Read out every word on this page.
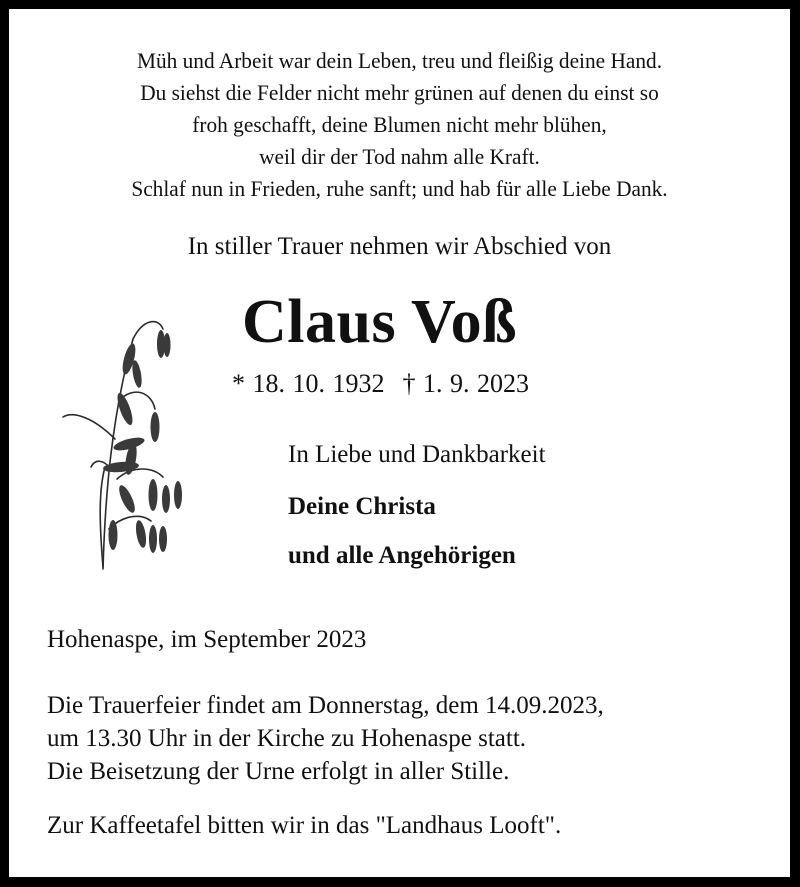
Müh und Arbeit war dein Leben, treu und fleißig deine Hand.
Du siehst die Felder nicht mehr grünen auf denen du einst so
froh geschafft, deine Blumen nicht mehr blühen,
weil dir der Tod nahm alle Kraft.
Schlaf nun in Frieden, ruhe sanft; und hab für alle Liebe Dank.
In stiller Trauer nehmen wir Abschied von
Claus Voß
* 18. 10. 1932 † 1. 9. 2023
In Liebe und Dankbarkeit
Deine Christa
und alle Angehörigen
Hohenaspe, im September 2023
Die Trauerfeier findet am Donnerstag, dem 14.09.2023,
um 13.30 Uhr in der Kirche zu Hohenaspe statt.
Die Beisetzung der Urne erfolgt in aller Stille.
Zur Kaffeetafel bitten wir in das "Landhaus Looft".
